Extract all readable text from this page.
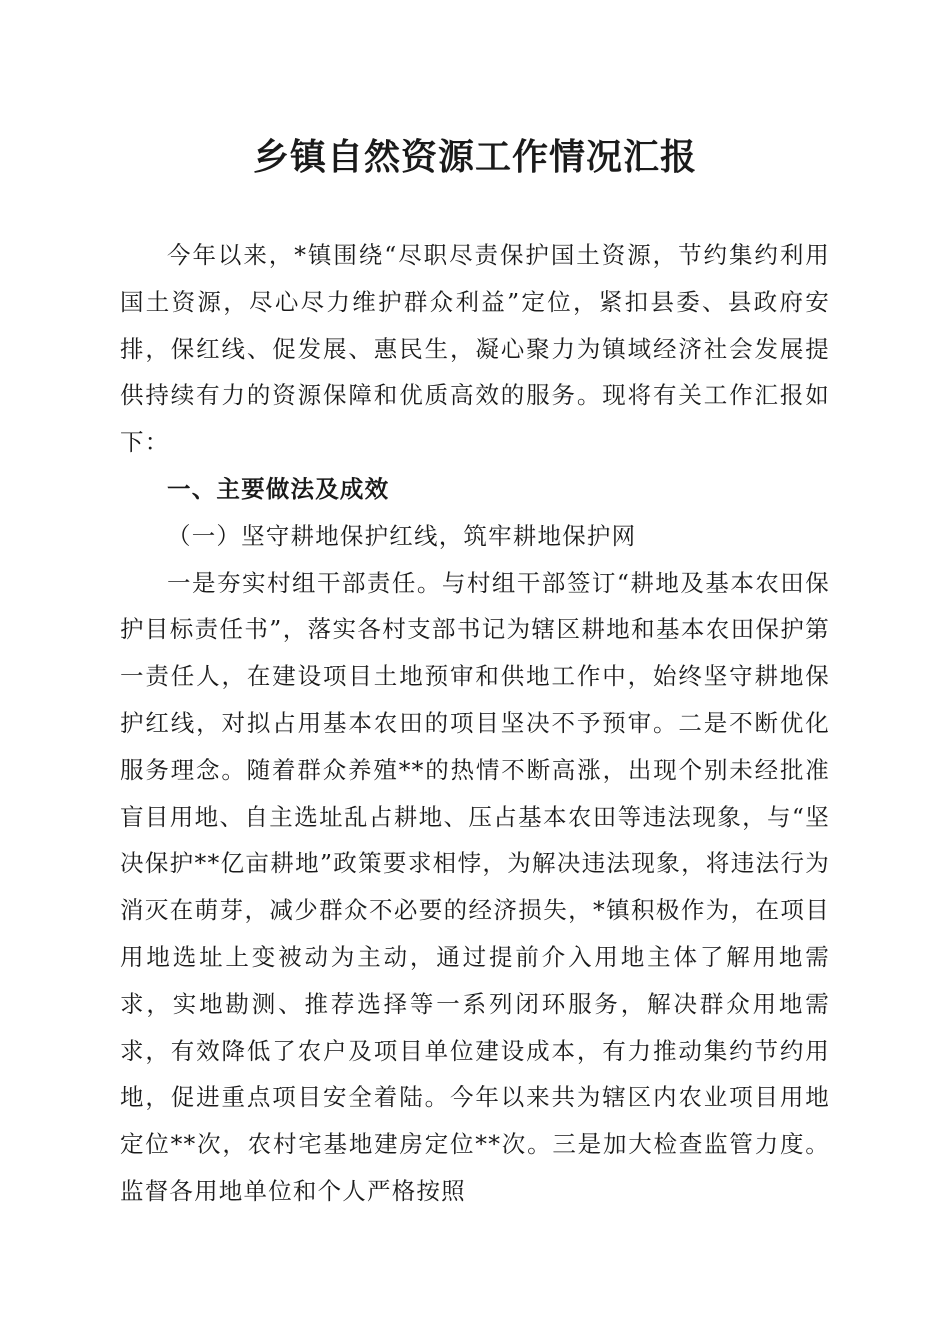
乡镇自然资源工作情况汇报

今年以来，*镇围绕“尽职尽责保护国土资源，节约集约利用国土资源，尽心尽力维护群众利益”定位，紧扣县委、县政府安排，保红线、促发展、惠民生，凝心聚力为镇域经济社会发展提供持续有力的资源保障和优质高效的服务。现将有关工作汇报如下：

一、主要做法及成效

（一）坚守耕地保护红线，筑牢耕地保护网

一是夯实村组干部责任。与村组干部签订“耕地及基本农田保护目标责任书”，落实各村支部书记为辖区耕地和基本农田保护第一责任人，在建设项目土地预审和供地工作中，始终坚守耕地保护红线，对拟占用基本农田的项目坚决不予预审。二是不断优化服务理念。随着群众养殖**的热情不断高涨，出现个别未经批准盲目用地、自主选址乱占耕地、压占基本农田等违法现象，与“坚决保护**亿亩耕地”政策要求相悖，为解决违法现象，将违法行为消灭在萌芽，减少群众不必要的经济损失，*镇积极作为，在项目用地选址上变被动为主动，通过提前介入用地主体了解用地需求，实地勘测、推荐选择等一系列闭环服务，解决群众用地需求，有效降低了农户及项目单位建设成本，有力推动集约节约用地，促进重点项目安全着陆。今年以来共为辖区内农业项目用地定位**次，农村宅基地建房定位**次。三是加大检查监管力度。监督各用地单位和个人严格按照
